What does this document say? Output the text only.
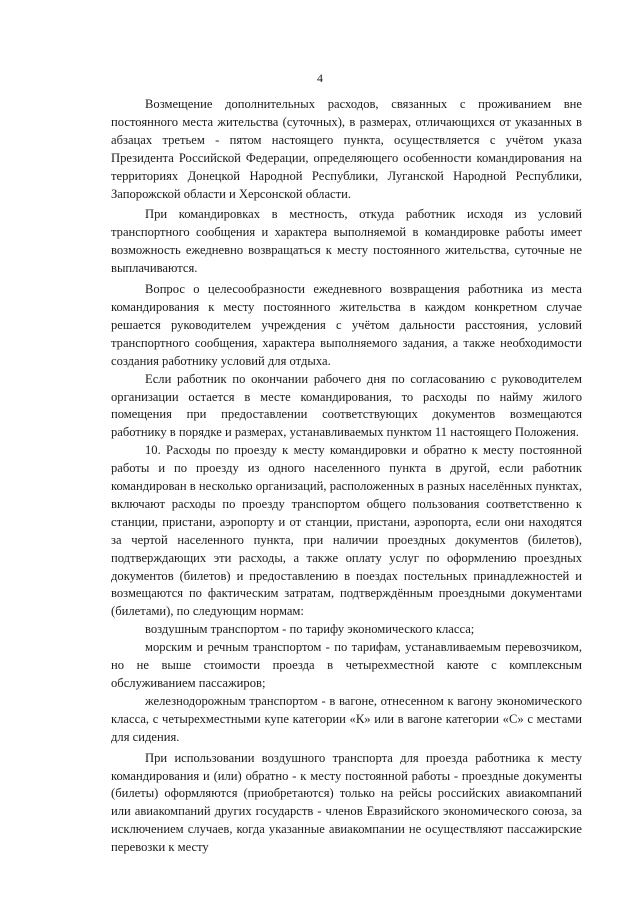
4

Возмещение дополнительных расходов, связанных с проживанием вне постоянного места жительства (суточных), в размерах, отличающихся от указанных в абзацах третьем - пятом настоящего пункта, осуществляется с учётом указа Президента Российской Федерации, определяющего особенности командирования на территориях Донецкой Народной Республики, Луганской Народной Республики, Запорожской области и Херсонской области.

При командировках в местность, откуда работник исходя из условий транспортного сообщения и характера выполняемой в командировке работы имеет возможность ежедневно возвращаться к месту постоянного жительства, суточные не выплачиваются.

Вопрос о целесообразности ежедневного возвращения работника из места командирования к месту постоянного жительства в каждом конкретном случае решается руководителем учреждения с учётом дальности расстояния, условий транспортного сообщения, характера выполняемого задания, а также необходимости создания работнику условий для отдыха.

Если работник по окончании рабочего дня по согласованию с руководителем организации остается в месте командирования, то расходы по найму жилого помещения при предоставлении соответствующих документов возмещаются работнику в порядке и размерах, устанавливаемых пунктом 11 настоящего Положения.

10. Расходы по проезду к месту командировки и обратно к месту постоянной работы и по проезду из одного населенного пункта в другой, если работник командирован в несколько организаций, расположенных в разных населённых пунктах, включают расходы по проезду транспортом общего пользования соответственно к станции, пристани, аэропорту и от станции, пристани, аэропорта, если они находятся за чертой населенного пункта, при наличии проездных документов (билетов), подтверждающих эти расходы, а также оплату услуг по оформлению проездных документов (билетов) и предоставлению в поездах постельных принадлежностей и возмещаются по фактическим затратам, подтверждённым проездными документами (билетами), по следующим нормам:

воздушным транспортом - по тарифу экономического класса;

морским и речным транспортом - по тарифам, устанавливаемым перевозчиком, но не выше стоимости проезда в четырехместной каюте с комплексным обслуживанием пассажиров;

железнодорожным транспортом - в вагоне, отнесенном к вагону экономического класса, с четырехместными купе категории «К» или в вагоне категории «С» с местами для сидения.

При использовании воздушного транспорта для проезда работника к месту командирования и (или) обратно - к месту постоянной работы - проездные документы (билеты) оформляются (приобретаются) только на рейсы российских авиакомпаний или авиакомпаний других государств - членов Евразийского экономического союза, за исключением случаев, когда указанные авиакомпании не осуществляют пассажирские перевозки к месту
